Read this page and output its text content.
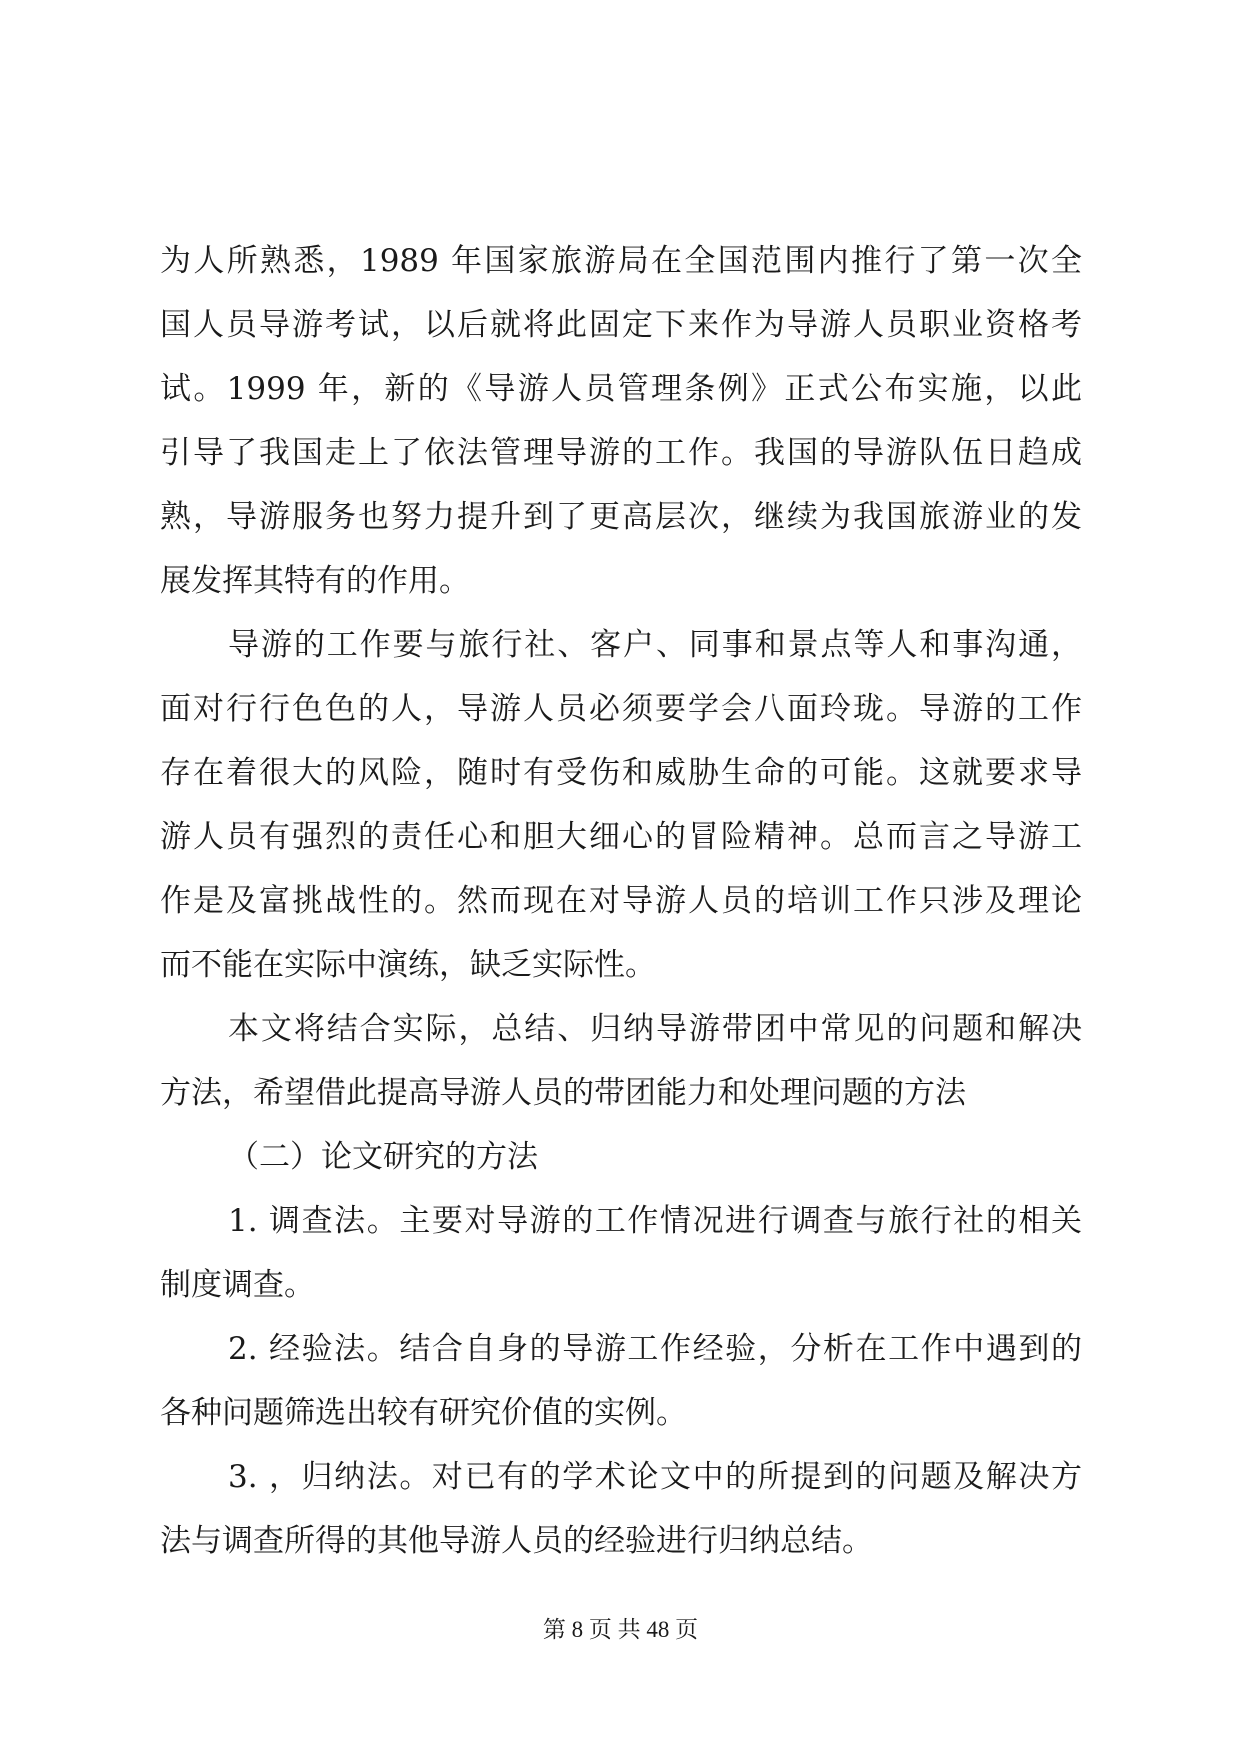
为人所熟悉，1989 年国家旅游局在全国范围内推行了第一次全
国人员导游考试，以后就将此固定下来作为导游人员职业资格考
试。1999 年，新的《导游人员管理条例》正式公布实施，以此
引导了我国走上了依法管理导游的工作。我国的导游队伍日趋成
熟，导游服务也努力提升到了更高层次，继续为我国旅游业的发
展发挥其特有的作用。
导游的工作要与旅行社、客户、同事和景点等人和事沟通，
面对行行色色的人，导游人员必须要学会八面玲珑。导游的工作
存在着很大的风险，随时有受伤和威胁生命的可能。这就要求导
游人员有强烈的责任心和胆大细心的冒险精神。总而言之导游工
作是及富挑战性的。然而现在对导游人员的培训工作只涉及理论
而不能在实际中演练，缺乏实际性。
本文将结合实际，总结、归纳导游带团中常见的问题和解决
方法，希望借此提高导游人员的带团能力和处理问题的方法
（二）论文研究的方法
1. 调查法。主要对导游的工作情况进行调查与旅行社的相关
制度调查。
2. 经验法。结合自身的导游工作经验，分析在工作中遇到的
各种问题筛选出较有研究价值的实例。
3. ，归纳法。对已有的学术论文中的所提到的问题及解决方
法与调查所得的其他导游人员的经验进行归纳总结。
第 8 页 共 48 页
